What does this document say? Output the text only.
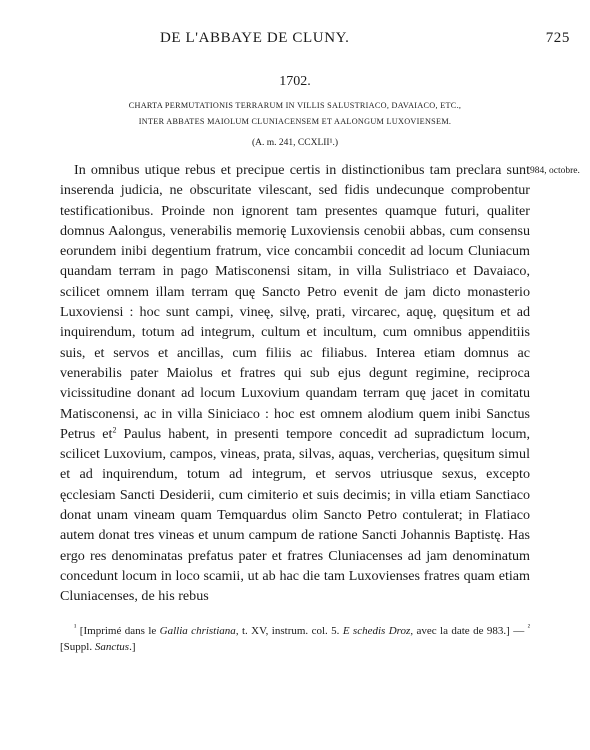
DE L'ABBAYE DE CLUNY.	725
1702.
CHARTA PERMUTATIONIS TERRARUM IN VILLIS SALUSTRIACO, DAVAIACO, ETC.,
INTER ABBATES MAIOLUM CLUNIACENSEM ET AALONGUM LUXOVIENSEM.
(A. m. 241, CCXLII¹.)
984, octobre.

In omnibus utique rebus et precipue certis in distinctionibus tam preclara sunt inserenda judicia, ne obscuritate vilescant, sed fidis undecunque comprobentur testificationibus. Proinde non ignorent tam presentes quamque futuri, qualiter domnus Aalongus, venerabilis memorię Luxoviensis cenobii abbas, cum consensu eorundem inibi degentium fratrum, vice concambii concedit ad locum Cluniacum quandam terram in pago Matisconensi sitam, in villa Sulistriaco et Davaiaco, scilicet omnem illam terram quę Sancto Petro evenit de jam dicto monasterio Luxoviensi : hoc sunt campi, vineę, silvę, prati, vircarec, aquę, quęsitum et ad inquirendum, totum ad integrum, cultum et incultum, cum omnibus appenditiis suis, et servos et ancillas, cum filiis ac filiabus. Interea etiam domnus ac venerabilis pater Maiolus et fratres qui sub ejus degunt regimine, reciproca vicissitudine donant ad locum Luxovium quandam terram quę jacet in comitatu Matisconensi, ac in villa Siniciaco : hoc est omnem alodium quem inibi Sanctus Petrus $et^2$ Paulus habent, in presenti tempore concedit ad supradictum locum, scilicet Luxovium, campos, vineas, prata, silvas, aquas, vercherias, quęsitum simul et ad inquirendum, totum ad integrum, et servos utriusque sexus, excepto ęcclesiam Sancti Desiderii, cum cimiterio et suis decimis; in villa etiam Sanctiaco donat unam vineam quam Temquardus olim Sancto Petro contulerat; in Flatiaco autem donat tres vineas et unum campum de ratione Sancti Johannis Baptistę. Has ergo res denominatas prefatus pater et fratres Cluniacenses ad jam denominatum concedunt locum in loco scamii, ut ab hac die tam Luxovienses fratres quam etiam Cluniacenses, de his rebus

$^{^1}$ [Imprimé dans le Gallia christiana, t. XV, instrum. col. 5. E schedis Droz, avec la date de 983.] — $^{^2}$ [Suppl. Sanctus.]
